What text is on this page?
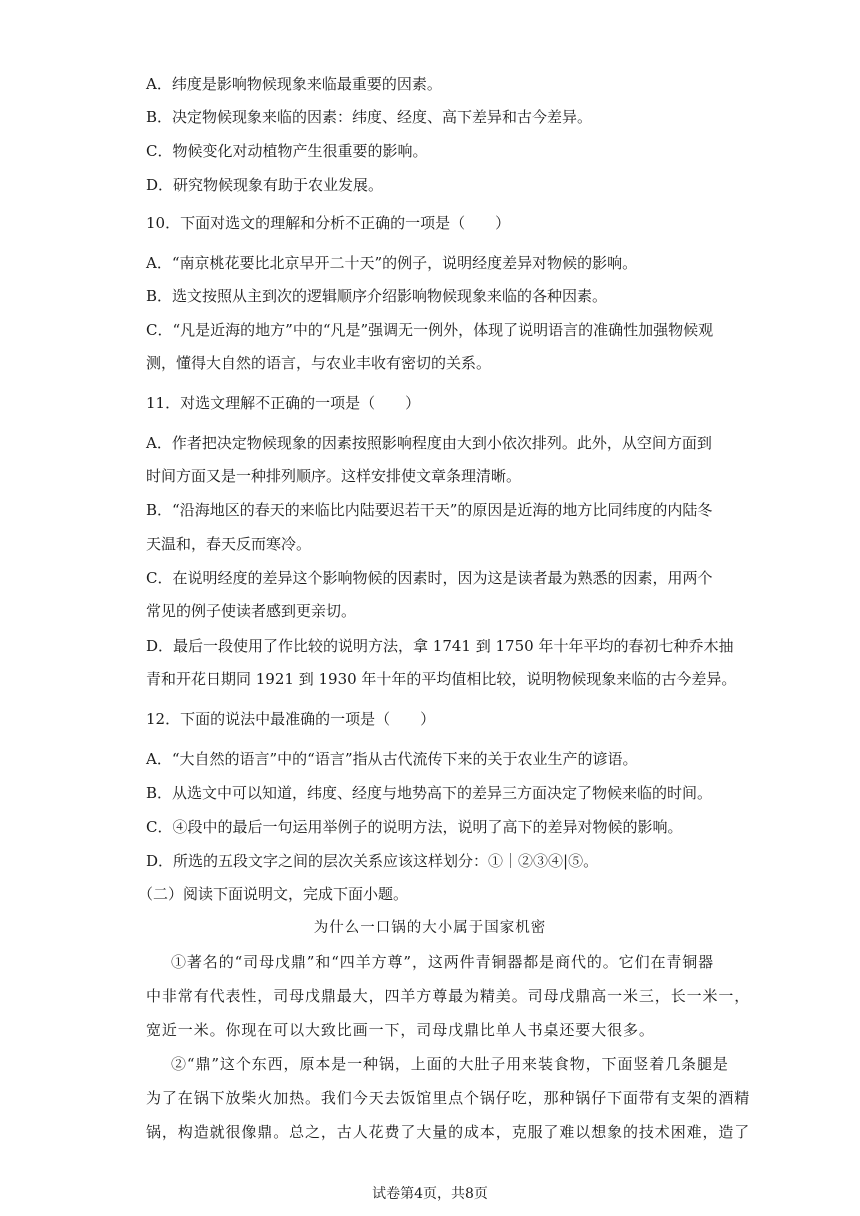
A．纬度是影响物候现象来临最重要的因素。
B．决定物候现象来临的因素：纬度、经度、高下差异和古今差异。
C．物候变化对动植物产生很重要的影响。
D．研究物候现象有助于农业发展。
10．下面对选文的理解和分析不正确的一项是（　　）
A．“南京桃花要比北京早开二十天”的例子，说明经度差异对物候的影响。
B．选文按照从主到次的逻辑顺序介绍影响物候现象来临的各种因素。
C．“凡是近海的地方”中的“凡是”强调无一例外，体现了说明语言的准确性加强物候观
测，懂得大自然的语言，与农业丰收有密切的关系。
11．对选文理解不正确的一项是（　　）
A．作者把决定物候现象的因素按照影响程度由大到小依次排列。此外，从空间方面到
时间方面又是一种排列顺序。这样安排使文章条理清晰。
B．“沿海地区的春天的来临比内陆要迟若干天”的原因是近海的地方比同纬度的内陆冬
天温和，春天反而寒冷。
C．在说明经度的差异这个影响物候的因素时，因为这是读者最为熟悉的因素，用两个
常见的例子使读者感到更亲切。
D．最后一段使用了作比较的说明方法，拿 1741 到 1750 年十年平均的春初七种乔木抽
青和开花日期同 1921 到 1930 年十年的平均值相比较，说明物候现象来临的古今差异。
12．下面的说法中最准确的一项是（　　）
A．“大自然的语言”中的“语言”指从古代流传下来的关于农业生产的谚语。
B．从选文中可以知道，纬度、经度与地势高下的差异三方面决定了物候来临的时间。
C．④段中的最后一句运用举例子的说明方法，说明了高下的差异对物候的影响。
D．所选的五段文字之间的层次关系应该这样划分：①｜②③④|⑤。
（二）阅读下面说明文，完成下面小题。
为什么一口锅的大小属于国家机密
①著名的“司母戊鼎”和“四羊方尊”，这两件青铜器都是商代的。它们在青铜器
中非常有代表性，司母戊鼎最大，四羊方尊最为精美。司母戊鼎高一米三，长一米一，
宽近一米。你现在可以大致比画一下，司母戊鼎比单人书桌还要大很多。
②“鼎”这个东西，原本是一种锅，上面的大肚子用来装食物，下面竖着几条腿是
为了在锅下放柴火加热。我们今天去饭馆里点个锅仔吃，那种锅仔下面带有支架的酒精
锅，构造就很像鼎。总之，古人花费了大量的成本，克服了难以想象的技术困难，造了
试卷第4页，共8页
